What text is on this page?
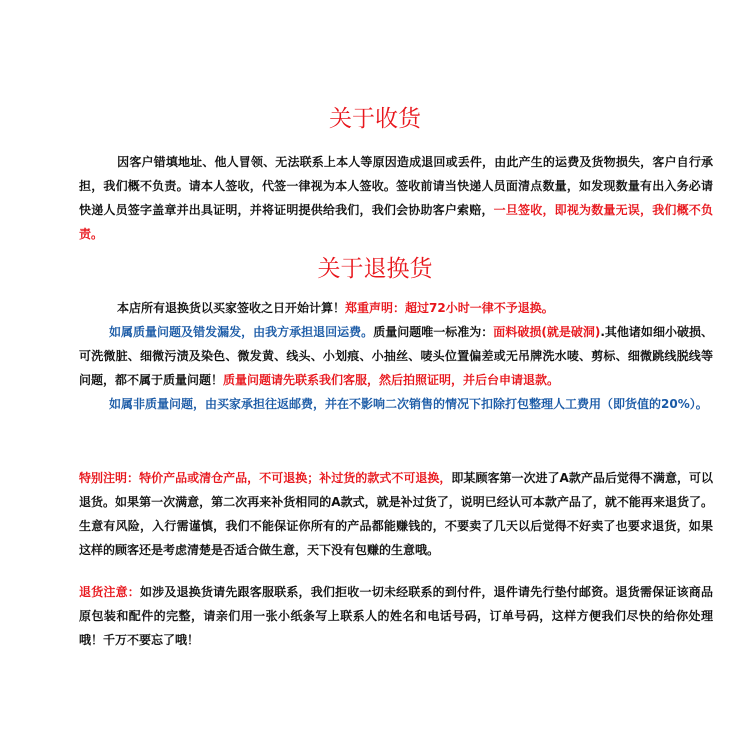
关于收货

因客户错填地址、他人冒领、无法联系上本人等原因造成退回或丢件，由此产生的运费及货物损失，客户自行承担，我们概不负责。请本人签收，代签一律视为本人签收。签收前请当快递人员面清点数量，如发现数量有出入务必请快递人员签字盖章并出具证明，并将证明提供给我们，我们会协助客户索赔，一旦签收，即视为数量无误，我们概不负责。

关于退换货

本店所有退换货以买家签收之日开始计算！郑重声明：超过72小时一律不予退换。

如属质量问题及错发漏发，由我方承担退回运费。质量问题唯一标准为：面料破损(就是破洞).其他诸如细小破损、可洗微脏、细微污渍及染色、微发黄、线头、小划痕、小抽丝、唛头位置偏差或无吊牌洗水唛、剪标、细微跳线脱线等问题，都不属于质量问题！质量问题请先联系我们客服，然后拍照证明，并后台申请退款。

如属非质量问题，由买家承担往返邮费，并在不影响二次销售的情况下扣除打包整理人工费用（即货值的20%）。

特别注明：特价产品或清仓产品，不可退换；补过货的款式不可退换，即某顾客第一次进了A款产品后觉得不满意，可以退货。如果第一次满意，第二次再来补货相同的A款式，就是补过货了，说明已经认可本款产品了，就不能再来退货了。生意有风险，入行需谨慎，我们不能保证你所有的产品都能赚钱的，不要卖了几天以后觉得不好卖了也要求退货，如果这样的顾客还是考虑清楚是否适合做生意，天下没有包赚的生意哦。

退货注意：如涉及退换货请先跟客服联系，我们拒收一切未经联系的到付件，退件请先行垫付邮资。退货需保证该商品原包装和配件的完整，请亲们用一张小纸条写上联系人的姓名和电话号码，订单号码，这样方便我们尽快的给你处理哦！千万不要忘了哦！
